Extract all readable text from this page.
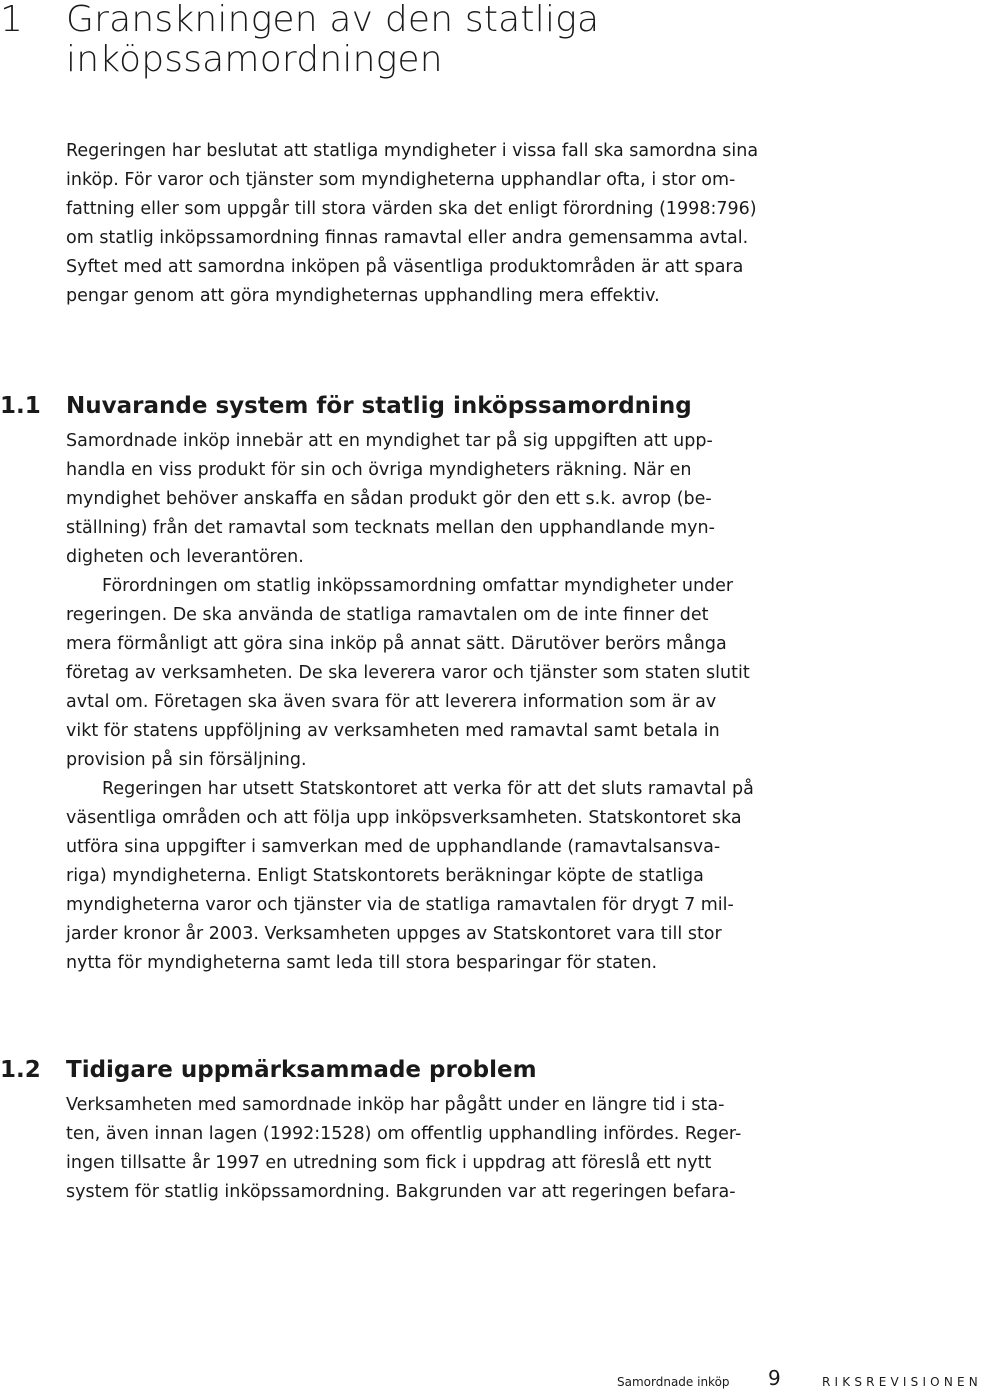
1 Granskningen av den statliga
inköpssamordningen

Regeringen har beslutat att statliga myndigheter i vissa fall ska samordna sina
inköp. För varor och tjänster som myndigheterna upphandlar ofta, i stor om-
fattning eller som uppgår till stora värden ska det enligt förordning (1998:796)
om statlig inköpssamordning finnas ramavtal eller andra gemensamma avtal.
Syftet med att samordna inköpen på väsentliga produktområden är att spara
pengar genom att göra myndigheternas upphandling mera effektiv.

1.1 Nuvarande system för statlig inköpssamordning

Samordnade inköp innebär att en myndighet tar på sig uppgiften att upp-
handla en viss produkt för sin och övriga myndigheters räkning. När en
myndighet behöver anskaffa en sådan produkt gör den ett s.k. avrop (be-
ställning) från det ramavtal som tecknats mellan den upphandlande myn-
digheten och leverantören.

Förordningen om statlig inköpssamordning omfattar myndigheter under
regeringen. De ska använda de statliga ramavtalen om de inte finner det
mera förmånligt att göra sina inköp på annat sätt. Därutöver berörs många
företag av verksamheten. De ska leverera varor och tjänster som staten slutit
avtal om. Företagen ska även svara för att leverera information som är av
vikt för statens uppföljning av verksamheten med ramavtal samt betala in
provision på sin försäljning.

Regeringen har utsett Statskontoret att verka för att det sluts ramavtal på
väsentliga områden och att följa upp inköpsverksamheten. Statskontoret ska
utföra sina uppgifter i samverkan med de upphandlande (ramavtalsansva-
riga) myndigheterna. Enligt Statskontorets beräkningar köpte de statliga
myndigheterna varor och tjänster via de statliga ramavtalen för drygt 7 mil-
jarder kronor år 2003. Verksamheten uppges av Statskontoret vara till stor
nytta för myndigheterna samt leda till stora besparingar för staten.

1.2 Tidigare uppmärksammade problem

Verksamheten med samordnade inköp har pågått under en längre tid i sta-
ten, även innan lagen (1992:1528) om offentlig upphandling infördes. Reger-
ingen tillsatte år 1997 en utredning som fick i uppdrag att föreslå ett nytt
system för statlig inköpssamordning. Bakgrunden var att regeringen befara-

Samordnade inköp 9	RIKSREVISIONEN
